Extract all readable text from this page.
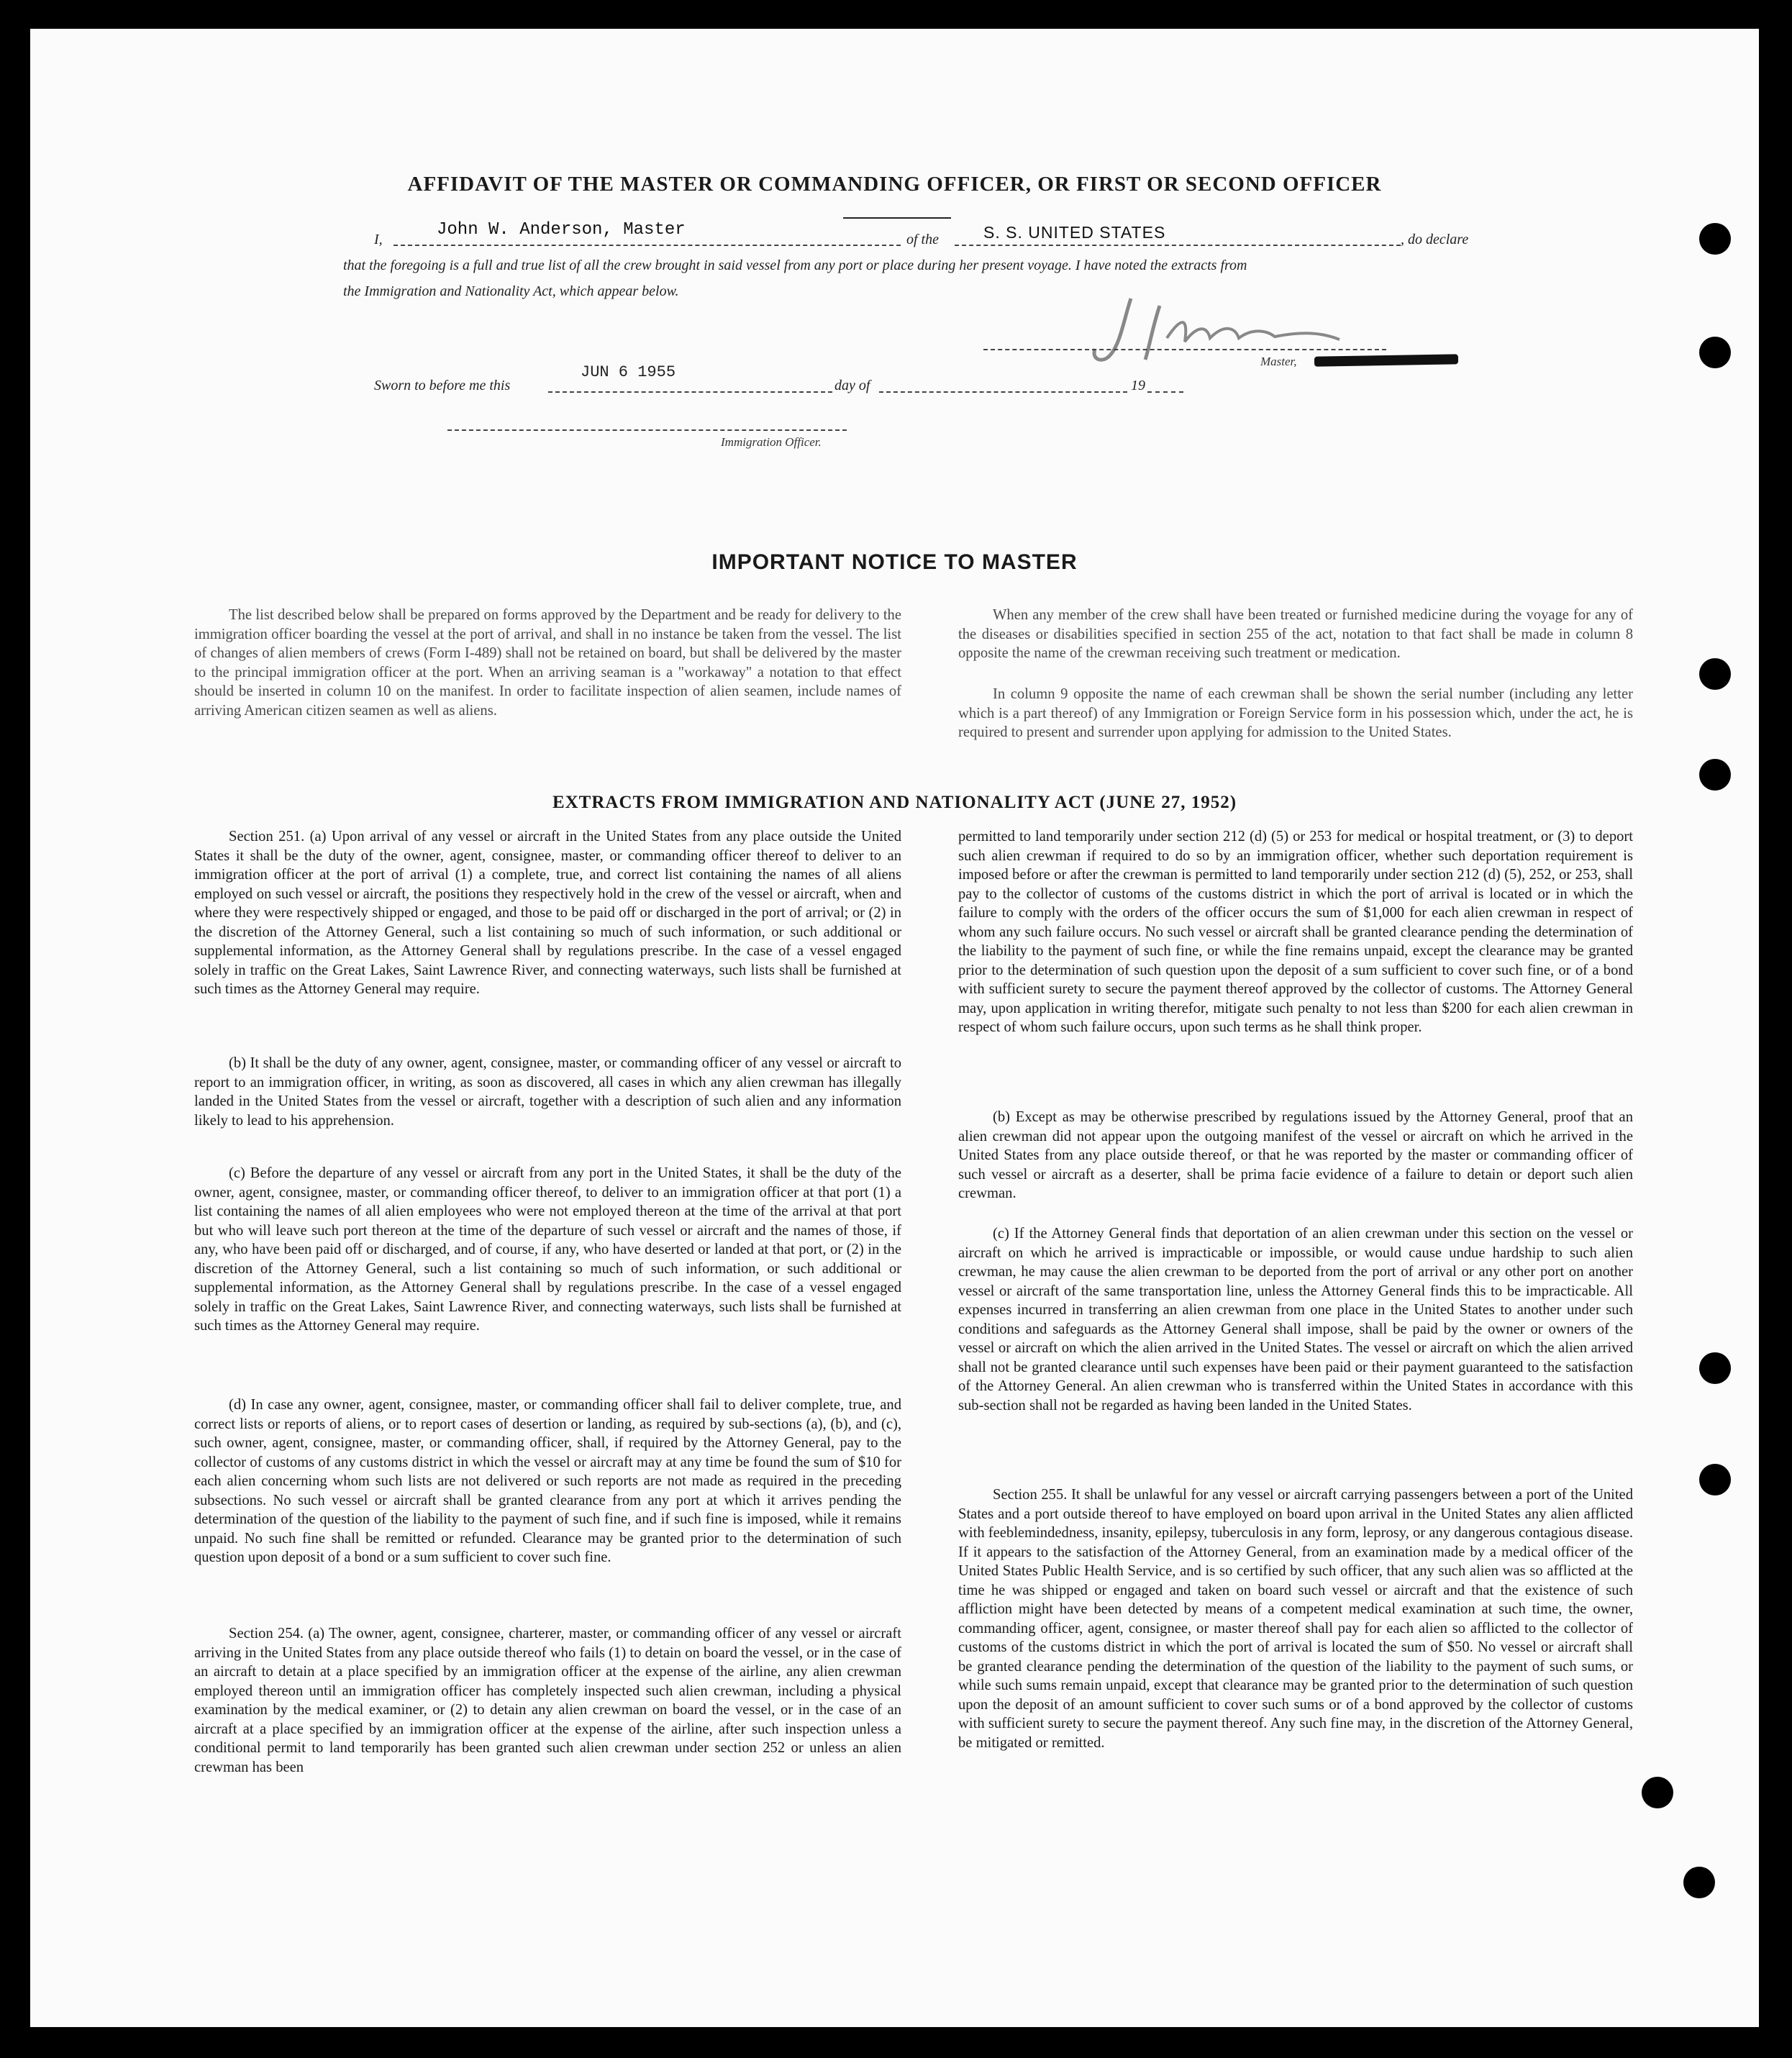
AFFIDAVIT OF THE MASTER OR COMMANDING OFFICER, OR FIRST OR SECOND OFFICER
I,	John W. Anderson, Master	of the	S. S. UNITED STATES	, do declare
that the foregoing is a full and true list of all the crew brought in said vessel from any port or place during her present voyage. I have noted the extracts from
the Immigration and Nationality Act, which appear below.
Master,
Sworn to before me this
JUN 6 1955
day of	19
Immigration Officer.
IMPORTANT NOTICE TO MASTER

The list described below shall be prepared on forms approved by the Department and be ready for delivery to the immigration officer boarding the vessel at the port of arrival, and shall in no instance be taken from the vessel. The list of changes of alien members of crews (Form I-489) shall not be retained on board, but shall be delivered by the master to the principal immigration officer at the port. When an arriving seaman is a "workaway" a notation to that effect should be inserted in column 10 on the manifest. In order to facilitate inspection of alien seamen, include names of arriving American citizen seamen as well as aliens.

When any member of the crew shall have been treated or furnished medicine during the voyage for any of the diseases or disabilities specified in section 255 of the act, notation to that fact shall be made in column 8 opposite the name of the crewman receiving such treatment or medication.

In column 9 opposite the name of each crewman shall be shown the serial number (including any letter which is a part thereof) of any Immigration or Foreign Service form in his possession which, under the act, he is required to present and surrender upon applying for admission to the United States.

EXTRACTS FROM IMMIGRATION AND NATIONALITY ACT (JUNE 27, 1952)

Section 251. (a) Upon arrival of any vessel or aircraft in the United States from any place outside the United States it shall be the duty of the owner, agent, consignee, master, or commanding officer thereof to deliver to an immigration officer at the port of arrival (1) a complete, true, and correct list containing the names of all aliens employed on such vessel or aircraft, the positions they respectively hold in the crew of the vessel or aircraft, when and where they were respectively shipped or engaged, and those to be paid off or discharged in the port of arrival; or (2) in the discretion of the Attorney General, such a list containing so much of such information, or such additional or supplemental information, as the Attorney General shall by regulations prescribe. In the case of a vessel engaged solely in traffic on the Great Lakes, Saint Lawrence River, and connecting waterways, such lists shall be furnished at such times as the Attorney General may require.

(b) It shall be the duty of any owner, agent, consignee, master, or commanding officer of any vessel or aircraft to report to an immigration officer, in writing, as soon as discovered, all cases in which any alien crewman has illegally landed in the United States from the vessel or aircraft, together with a description of such alien and any information likely to lead to his apprehension.

(c) Before the departure of any vessel or aircraft from any port in the United States, it shall be the duty of the owner, agent, consignee, master, or commanding officer thereof, to deliver to an immigration officer at that port (1) a list containing the names of all alien employees who were not employed thereon at the time of the arrival at that port but who will leave such port thereon at the time of the departure of such vessel or aircraft and the names of those, if any, who have been paid off or discharged, and of course, if any, who have deserted or landed at that port, or (2) in the discretion of the Attorney General, such a list containing so much of such information, or such additional or supplemental information, as the Attorney General shall by regulations prescribe. In the case of a vessel engaged solely in traffic on the Great Lakes, Saint Lawrence River, and connecting waterways, such lists shall be furnished at such times as the Attorney General may require.

(d) In case any owner, agent, consignee, master, or commanding officer shall fail to deliver complete, true, and correct lists or reports of aliens, or to report cases of desertion or landing, as required by sub-sections (a), (b), and (c), such owner, agent, consignee, master, or commanding officer, shall, if required by the Attorney General, pay to the collector of customs of any customs district in which the vessel or aircraft may at any time be found the sum of $10 for each alien concerning whom such lists are not delivered or such reports are not made as required in the preceding subsections. No such vessel or aircraft shall be granted clearance from any port at which it arrives pending the determination of the question of the liability to the payment of such fine, and if such fine is imposed, while it remains unpaid. No such fine shall be remitted or refunded. Clearance may be granted prior to the determination of such question upon deposit of a bond or a sum sufficient to cover such fine.

Section 254. (a) The owner, agent, consignee, charterer, master, or commanding officer of any vessel or aircraft arriving in the United States from any place outside thereof who fails (1) to detain on board the vessel, or in the case of an aircraft to detain at a place specified by an immigration officer at the expense of the airline, any alien crewman employed thereon until an immigration officer has completely inspected such alien crewman, including a physical examination by the medical examiner, or (2) to detain any alien crewman on board the vessel, or in the case of an aircraft at a place specified by an immigration officer at the expense of the airline, after such inspection unless a conditional permit to land temporarily has been granted such alien crewman under section 252 or unless an alien crewman has been

permitted to land temporarily under section 212 (d) (5) or 253 for medical or hospital treatment, or (3) to deport such alien crewman if required to do so by an immigration officer, whether such deportation requirement is imposed before or after the crewman is permitted to land temporarily under section 212 (d) (5), 252, or 253, shall pay to the collector of customs of the customs district in which the port of arrival is located or in which the failure to comply with the orders of the officer occurs the sum of $1,000 for each alien crewman in respect of whom any such failure occurs. No such vessel or aircraft shall be granted clearance pending the determination of the liability to the payment of such fine, or while the fine remains unpaid, except the clearance may be granted prior to the determination of such question upon the deposit of a sum sufficient to cover such fine, or of a bond with sufficient surety to secure the payment thereof approved by the collector of customs. The Attorney General may, upon application in writing therefor, mitigate such penalty to not less than $200 for each alien crewman in respect of whom such failure occurs, upon such terms as he shall think proper.

(b) Except as may be otherwise prescribed by regulations issued by the Attorney General, proof that an alien crewman did not appear upon the outgoing manifest of the vessel or aircraft on which he arrived in the United States from any place outside thereof, or that he was reported by the master or commanding officer of such vessel or aircraft as a deserter, shall be prima facie evidence of a failure to detain or deport such alien crewman.

(c) If the Attorney General finds that deportation of an alien crewman under this section on the vessel or aircraft on which he arrived is impracticable or impossible, or would cause undue hardship to such alien crewman, he may cause the alien crewman to be deported from the port of arrival or any other port on another vessel or aircraft of the same transportation line, unless the Attorney General finds this to be impracticable. All expenses incurred in transferring an alien crewman from one place in the United States to another under such conditions and safeguards as the Attorney General shall impose, shall be paid by the owner or owners of the vessel or aircraft on which the alien arrived in the United States. The vessel or aircraft on which the alien arrived shall not be granted clearance until such expenses have been paid or their payment guaranteed to the satisfaction of the Attorney General. An alien crewman who is transferred within the United States in accordance with this sub-section shall not be regarded as having been landed in the United States.

Section 255. It shall be unlawful for any vessel or aircraft carrying passengers between a port of the United States and a port outside thereof to have employed on board upon arrival in the United States any alien afflicted with feeblemindedness, insanity, epilepsy, tuberculosis in any form, leprosy, or any dangerous contagious disease. If it appears to the satisfaction of the Attorney General, from an examination made by a medical officer of the United States Public Health Service, and is so certified by such officer, that any such alien was so afflicted at the time he was shipped or engaged and taken on board such vessel or aircraft and that the existence of such affliction might have been detected by means of a competent medical examination at such time, the owner, commanding officer, agent, consignee, or master thereof shall pay for each alien so afflicted to the collector of customs of the customs district in which the port of arrival is located the sum of $50. No vessel or aircraft shall be granted clearance pending the determination of the question of the liability to the payment of such sums, or while such sums remain unpaid, except that clearance may be granted prior to the determination of such question upon the deposit of an amount sufficient to cover such sums or of a bond approved by the collector of customs with sufficient surety to secure the payment thereof. Any such fine may, in the discretion of the Attorney General, be mitigated or remitted.
